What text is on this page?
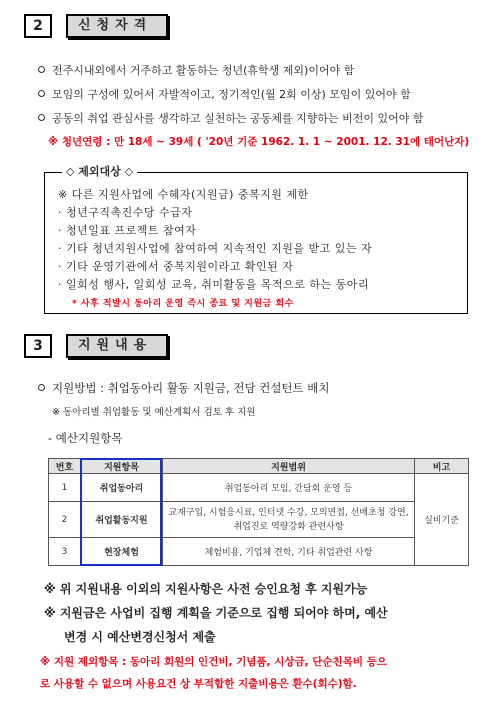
2	신청자격
전주시내외에서 거주하고 활동하는 청년(휴학생 제외)이어야 함
모임의 구성에 있어서 자발적이고, 정기적인(월 2회 이상) 모임이 있어야 함
공동의 취업 관심사를 생각하고 실천하는 공동체를 지향하는 비전이 있어야 함
※ 청년연령 : 만 18세 ~ 39세 ( '20년 기준 1962. 1. 1 ~ 2001. 12. 31에 태어난자)
◇ 제외대상 ◇
※ 다른 지원사업에 수혜자(지원금) 중복지원 제한
· 청년구직촉진수당 수급자
· 청년일표 프로젝트 참여자
· 기타 청년지원사업에 참여하여 지속적인 지원을 받고 있는 자
· 기타 운영기관에서 중복지원이라고 확인된 자
· 일회성 행사, 일회성 교육, 취미활동을 목적으로 하는 동아리
* 사후 적발시 동아리 운영 즉시 종료 및 지원금 회수
3	지원내용
지원방법 : 취업동아리 활동 지원금, 전담 컨설턴트 배치
※ 동아리별 취업활동 및 예산계획서 검토 후 지원
- 예산지원항목
번호	지원항목	지원범위	비고
1	취업동아리	취업동아리 모임, 간담회 운영 등	실비기준
2	취업활동지원	교재구입, 시험응시료, 인터넷 수강, 모의면접, 선배초청 강연, 취업진로 역량강화 관련사항	
3	현장체험	체험비용, 기업체 견학, 기타 취업관련 사항	
※ 위 지원내용 이외의 지원사항은 사전 승인요청 후 지원가능
※ 지원금은 사업비 집행 계획을 기준으로 집행 되어야 하며, 예산
변경 시 예산변경신청서 제출
※ 지원 제외항목 : 동아리 회원의 인건비, 기념품, 시상금, 단순친목비 등으
로 사용할 수 없으며 사용요건 상 부적합한 지출비용은 환수(회수)함.
